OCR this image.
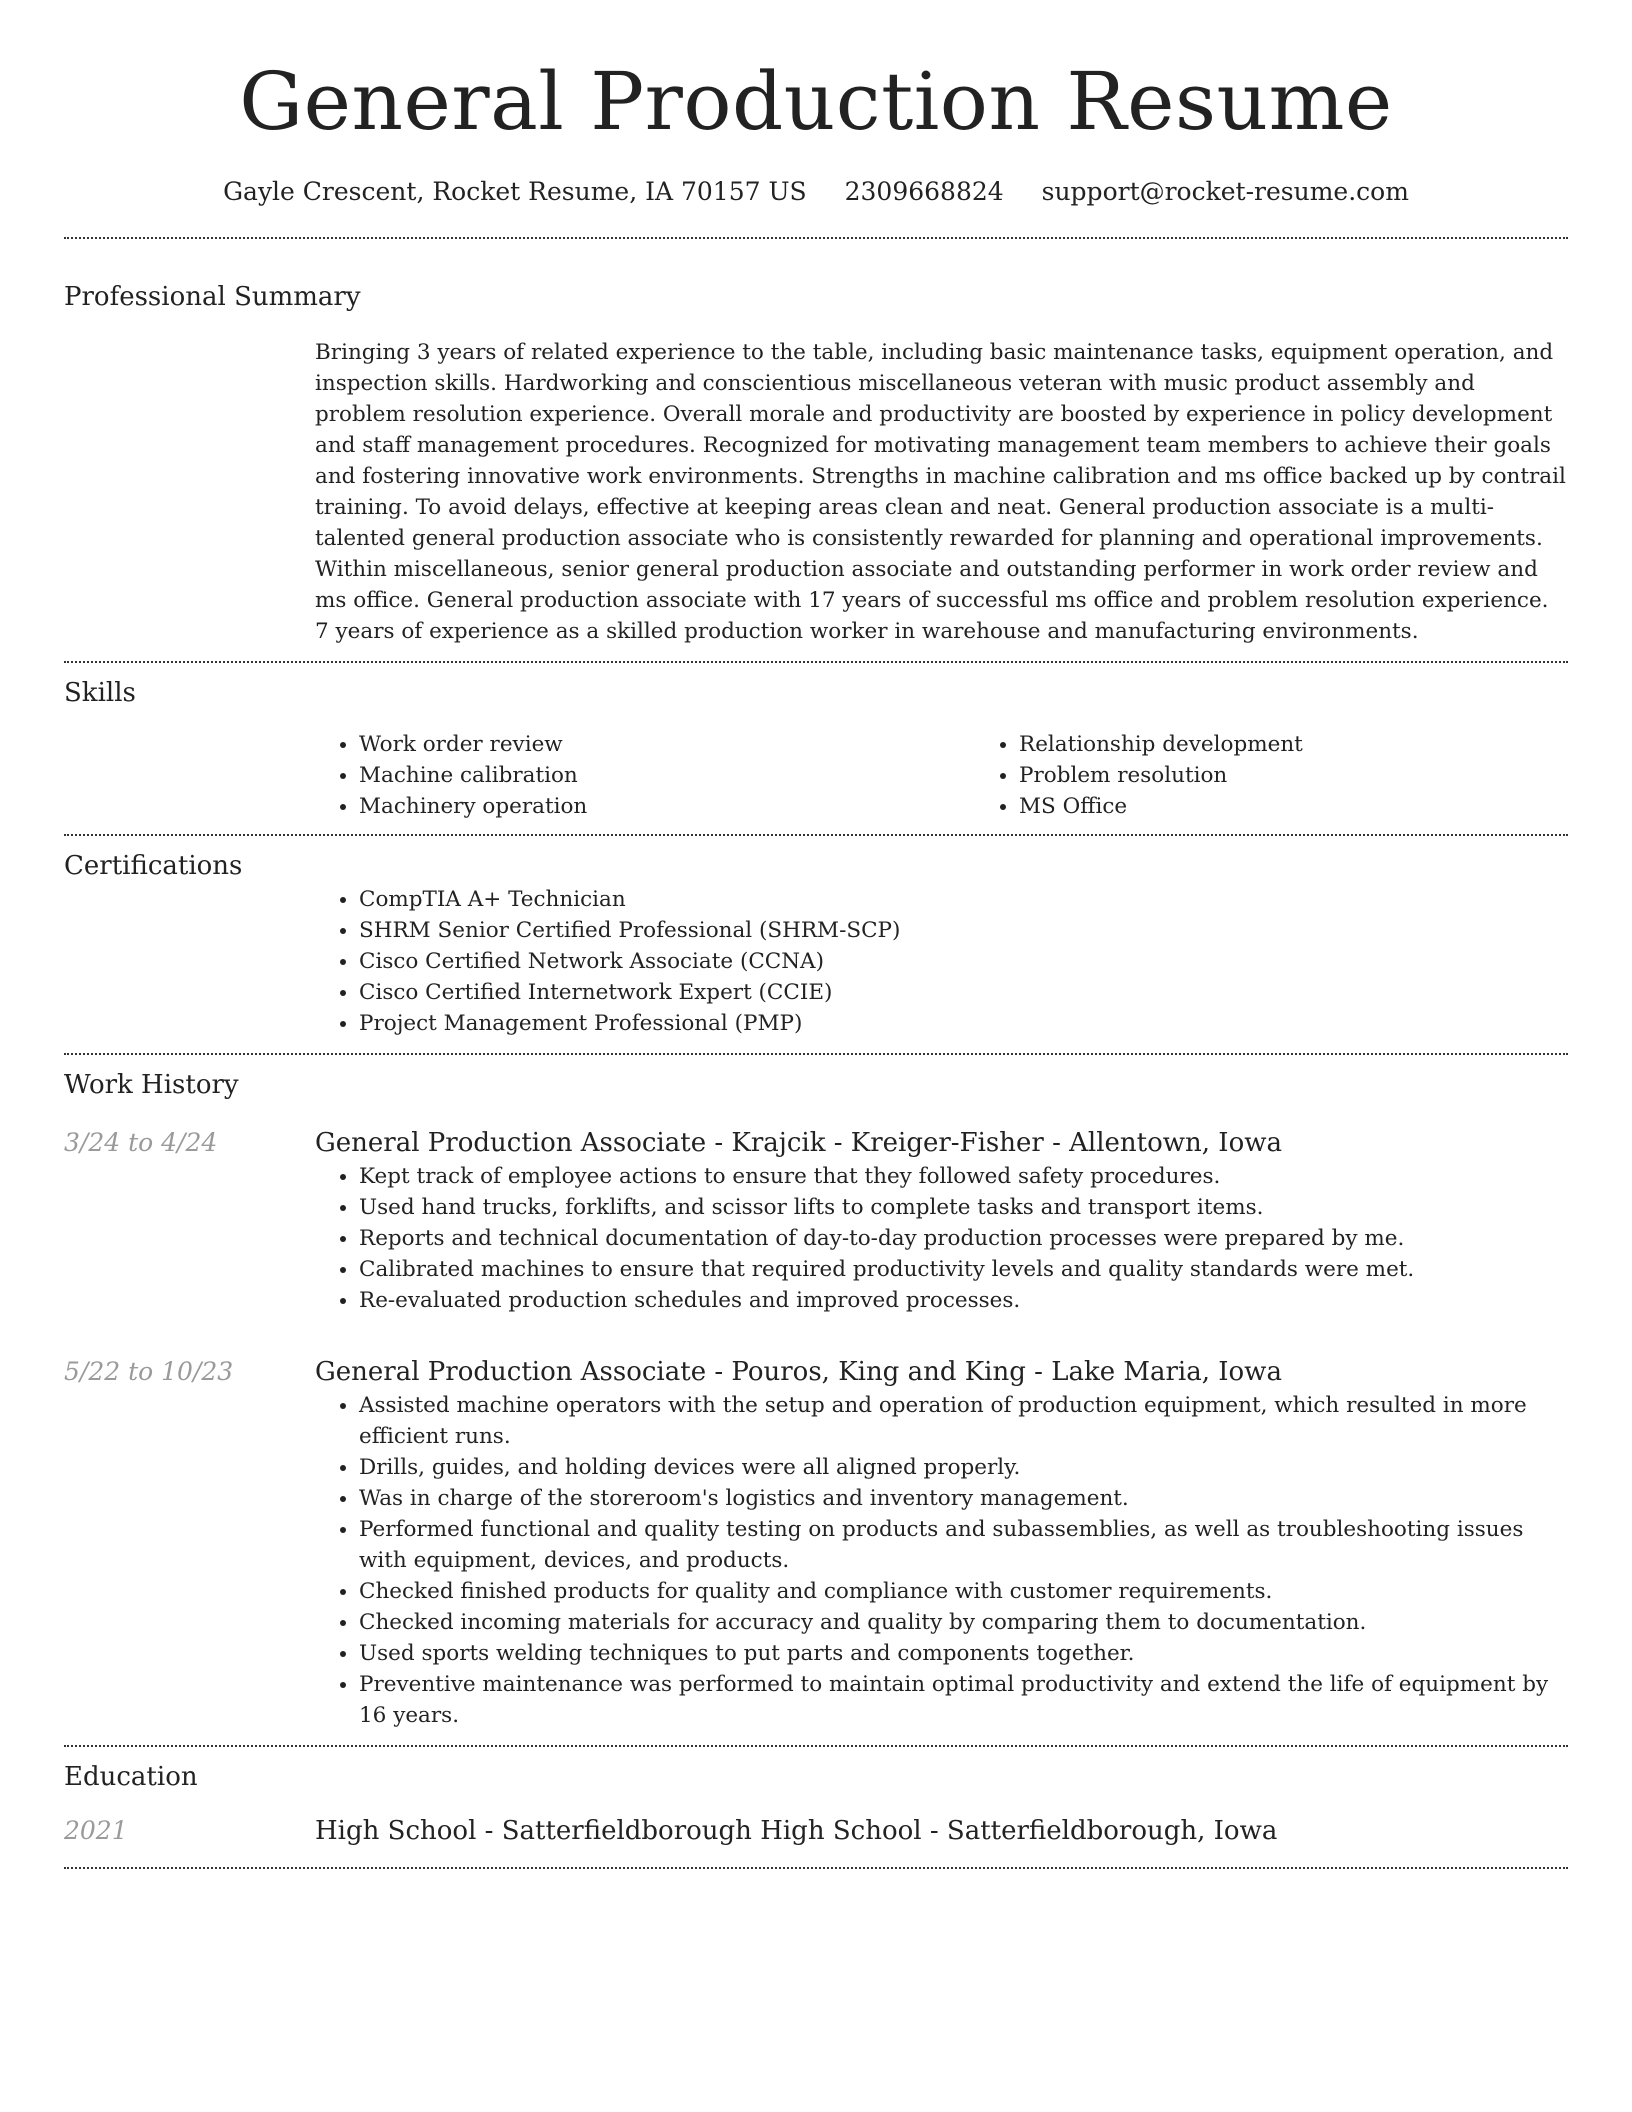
General Production Resume
Gayle Crescent, Rocket Resume, IA 70157 US 2309668824 support@rocket-resume.com
Professional Summary

Bringing 3 years of related experience to the table, including basic maintenance tasks, equipment operation, and inspection skills. Hardworking and conscientious miscellaneous veteran with music product assembly and problem resolution experience. Overall morale and productivity are boosted by experience in policy development and staff management procedures. Recognized for motivating management team members to achieve their goals and fostering innovative work environments. Strengths in machine calibration and ms office backed up by contrail training. To avoid delays, effective at keeping areas clean and neat. General production associate is a multi-talented general production associate who is consistently rewarded for planning and operational improvements. Within miscellaneous, senior general production associate and outstanding performer in work order review and ms office. General production associate with 17 years of successful ms office and problem resolution experience. 7 years of experience as a skilled production worker in warehouse and manufacturing environments.

Skills
• Work order review
• Machine calibration
• Machinery operation
• Relationship development
• Problem resolution
• MS Office
Certifications
• CompTIA A+ Technician
• SHRM Senior Certified Professional (SHRM-SCP)
• Cisco Certified Network Associate (CCNA)
• Cisco Certified Internetwork Expert (CCIE)
• Project Management Professional (PMP)
Work History
3/24 to 4/24	General Production Associate - Krajcik - Kreiger-Fisher - Allentown, Iowa
• Kept track of employee actions to ensure that they followed safety procedures.
• Used hand trucks, forklifts, and scissor lifts to complete tasks and transport items.
• Reports and technical documentation of day-to-day production processes were prepared by me.
• Calibrated machines to ensure that required productivity levels and quality standards were met.
• Re-evaluated production schedules and improved processes.
5/22 to 10/23	General Production Associate - Pouros, King and King - Lake Maria, Iowa
• Assisted machine operators with the setup and operation of production equipment, which resulted in more efficient runs.
• Drills, guides, and holding devices were all aligned properly.
• Was in charge of the storeroom's logistics and inventory management.
• Performed functional and quality testing on products and subassemblies, as well as troubleshooting issues with equipment, devices, and products.
• Checked finished products for quality and compliance with customer requirements.
• Checked incoming materials for accuracy and quality by comparing them to documentation.
• Used sports welding techniques to put parts and components together.
• Preventive maintenance was performed to maintain optimal productivity and extend the life of equipment by 16 years.
Education
2021	High School - Satterfieldborough High School - Satterfieldborough, Iowa
